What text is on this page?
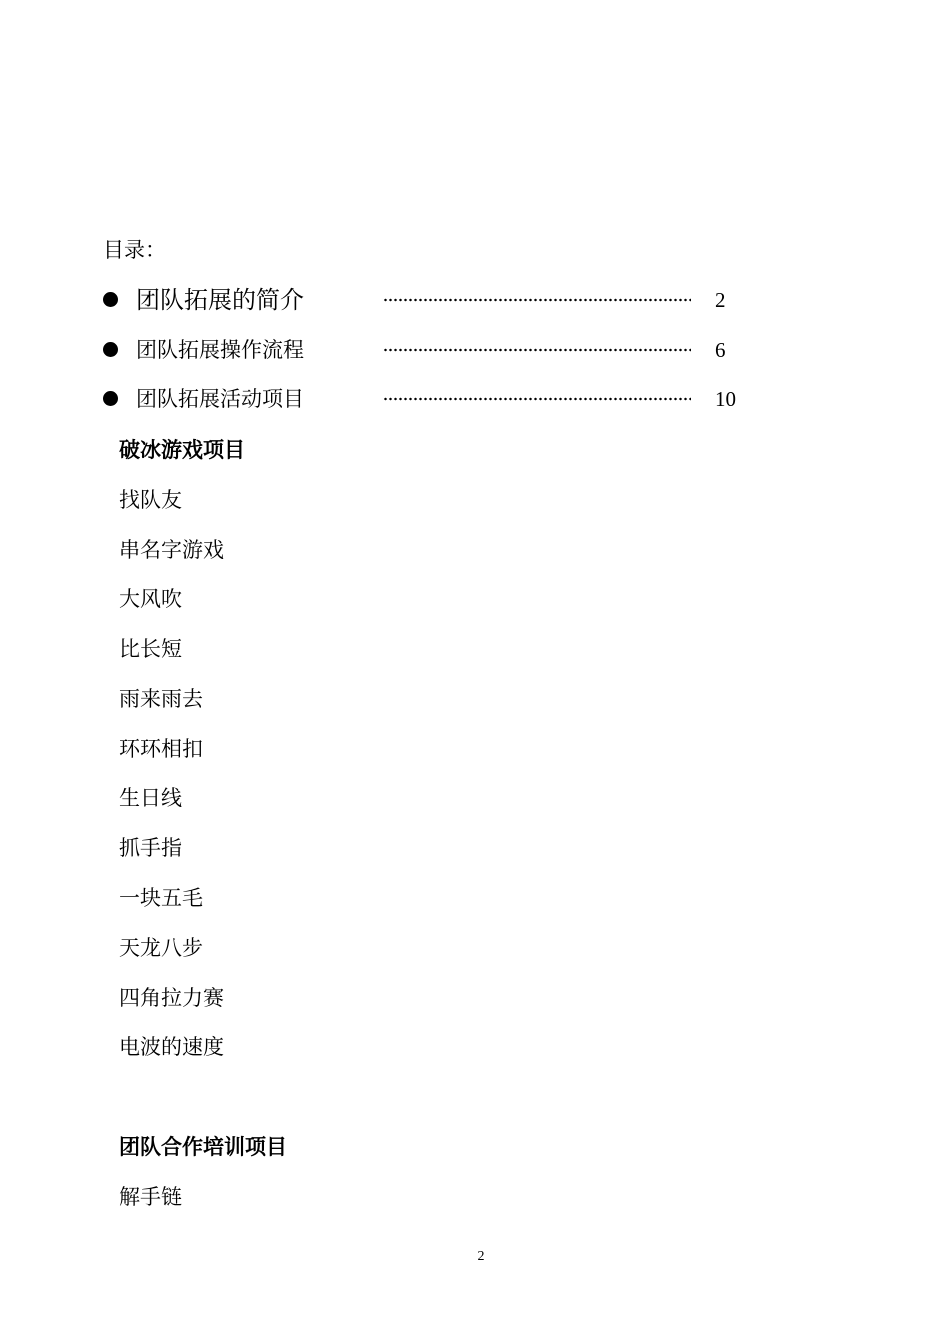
目录：
团队拓展的简介	2
团队拓展操作流程	6
团队拓展活动项目	10
破冰游戏项目
找队友
串名字游戏
大风吹
比长短
雨来雨去
环环相扣
生日线
抓手指
一块五毛
天龙八步
四角拉力赛
电波的速度
团队合作培训项目
解手链
2
